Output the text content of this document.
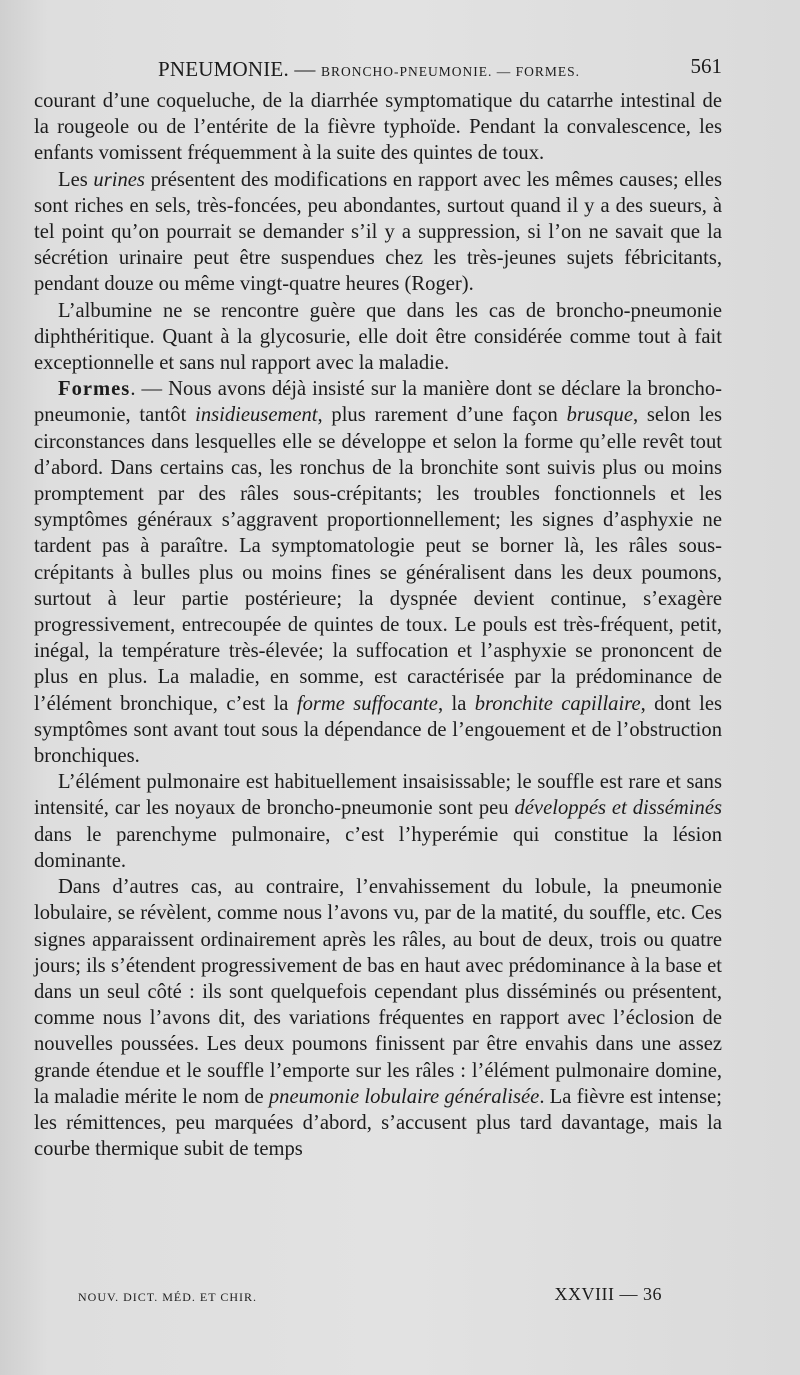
PNEUMONIE. — BRONCHO-PNEUMONIE. — FORMES.	561

courant d’une coqueluche, de la diarrhée symptomatique du catarrhe intestinal de la rougeole ou de l’entérite de la fièvre typhoïde. Pendant la convalescence, les enfants vomissent fréquemment à la suite des quintes de toux.

Les urines présentent des modifications en rapport avec les mêmes causes; elles sont riches en sels, très-foncées, peu abondantes, surtout quand il y a des sueurs, à tel point qu’on pourrait se demander s’il y a suppression, si l’on ne savait que la sécrétion urinaire peut être suspendues chez les très-jeunes sujets fébricitants, pendant douze ou même vingt-quatre heures (Roger).

L’albumine ne se rencontre guère que dans les cas de broncho-pneumonie diphthéritique. Quant à la glycosurie, elle doit être considérée comme tout à fait exceptionnelle et sans nul rapport avec la maladie.

Formes. — Nous avons déjà insisté sur la manière dont se déclare la broncho-pneumonie, tantôt insidieusement, plus rarement d’une façon brusque, selon les circonstances dans lesquelles elle se développe et selon la forme qu’elle revêt tout d’abord. Dans certains cas, les ronchus de la bronchite sont suivis plus ou moins promptement par des râles sous-crépitants; les troubles fonctionnels et les symptômes généraux s’aggravent proportionnellement; les signes d’asphyxie ne tardent pas à paraître. La symptomatologie peut se borner là, les râles sous-crépitants à bulles plus ou moins fines se généralisent dans les deux poumons, surtout à leur partie postérieure; la dyspnée devient continue, s’exagère progressivement, entrecoupée de quintes de toux. Le pouls est très-fréquent, petit, inégal, la température très-élevée; la suffocation et l’asphyxie se prononcent de plus en plus. La maladie, en somme, est caractérisée par la prédominance de l’élément bronchique, c’est la forme suffocante, la bronchite capillaire, dont les symptômes sont avant tout sous la dépendance de l’engouement et de l’obstruction bronchiques.

L’élément pulmonaire est habituellement insaisissable; le souffle est rare et sans intensité, car les noyaux de broncho-pneumonie sont peu développés et disséminés dans le parenchyme pulmonaire, c’est l’hyperémie qui constitue la lésion dominante.

Dans d’autres cas, au contraire, l’envahissement du lobule, la pneumonie lobulaire, se révèlent, comme nous l’avons vu, par de la matité, du souffle, etc. Ces signes apparaissent ordinairement après les râles, au bout de deux, trois ou quatre jours; ils s’étendent progressivement de bas en haut avec prédominance à la base et dans un seul côté : ils sont quelquefois cependant plus disséminés ou présentent, comme nous l’avons dit, des variations fréquentes en rapport avec l’éclosion de nouvelles poussées. Les deux poumons finissent par être envahis dans une assez grande étendue et le souffle l’emporte sur les râles : l’élément pulmonaire domine, la maladie mérite le nom de pneumonie lobulaire généralisée. La fièvre est intense; les rémittences, peu marquées d’abord, s’accusent plus tard davantage, mais la courbe thermique subit de temps

NOUV. DICT. MÉD. ET CHIR.	XXVIII — 36
